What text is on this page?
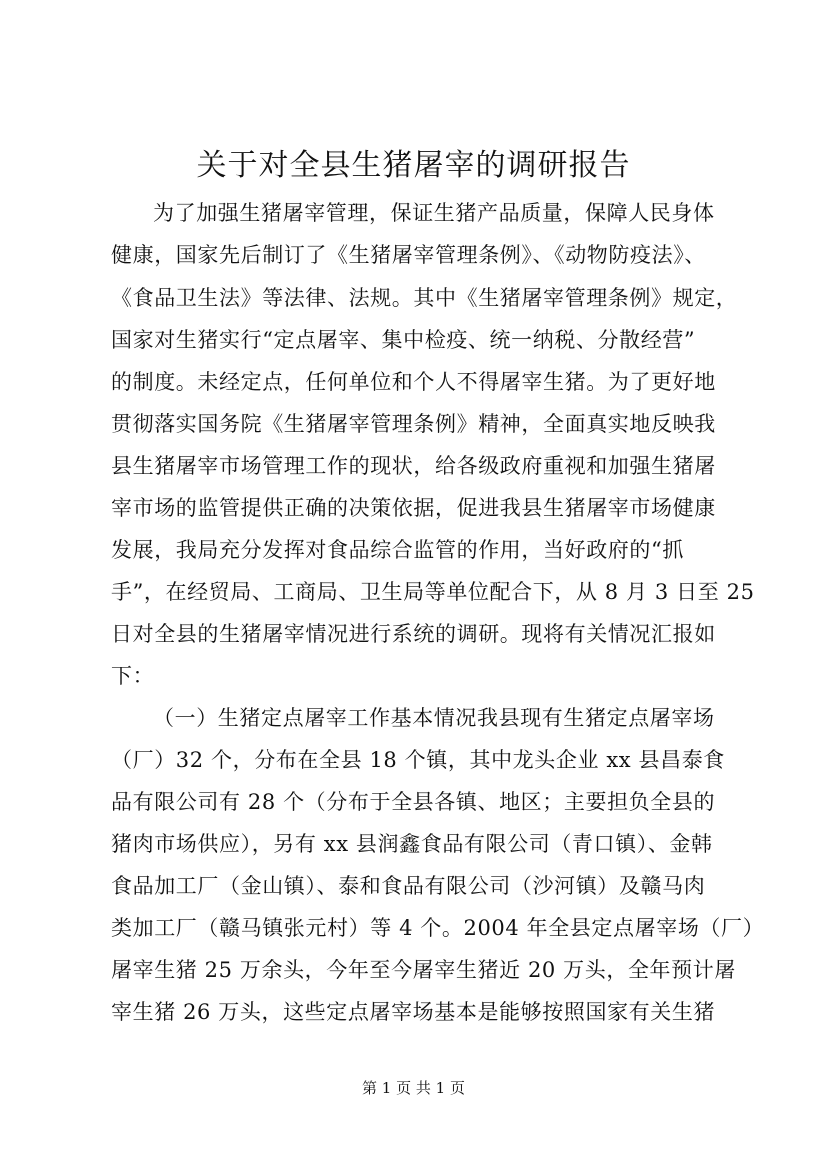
关于对全县生猪屠宰的调研报告
为了加强生猪屠宰管理，保证生猪产品质量，保障人民身体
健康，国家先后制订了《生猪屠宰管理条例》、《动物防疫法》、
《食品卫生法》等法律、法规。其中《生猪屠宰管理条例》规定，
国家对生猪实行“定点屠宰、集中检疫、统一纳税、分散经营”
的制度。未经定点，任何单位和个人不得屠宰生猪。为了更好地
贯彻落实国务院《生猪屠宰管理条例》精神，全面真实地反映我
县生猪屠宰市场管理工作的现状，给各级政府重视和加强生猪屠
宰市场的监管提供正确的决策依据，促进我县生猪屠宰市场健康
发展，我局充分发挥对食品综合监管的作用，当好政府的“抓
手”，在经贸局、工商局、卫生局等单位配合下，从 8 月 3 日至 25
日对全县的生猪屠宰情况进行系统的调研。现将有关情况汇报如
下：
（一）生猪定点屠宰工作基本情况我县现有生猪定点屠宰场
（厂）32 个，分布在全县 18 个镇，其中龙头企业 xx 县昌泰食
品有限公司有 28 个（分布于全县各镇、地区；主要担负全县的
猪肉市场供应），另有 xx 县润鑫食品有限公司（青口镇）、金韩
食品加工厂（金山镇）、泰和食品有限公司（沙河镇）及赣马肉
类加工厂（赣马镇张元村）等 4 个。2004 年全县定点屠宰场（厂）
屠宰生猪 25 万余头，今年至今屠宰生猪近 20 万头，全年预计屠
宰生猪 26 万头，这些定点屠宰场基本是能够按照国家有关生猪
第 1 页 共 1 页
